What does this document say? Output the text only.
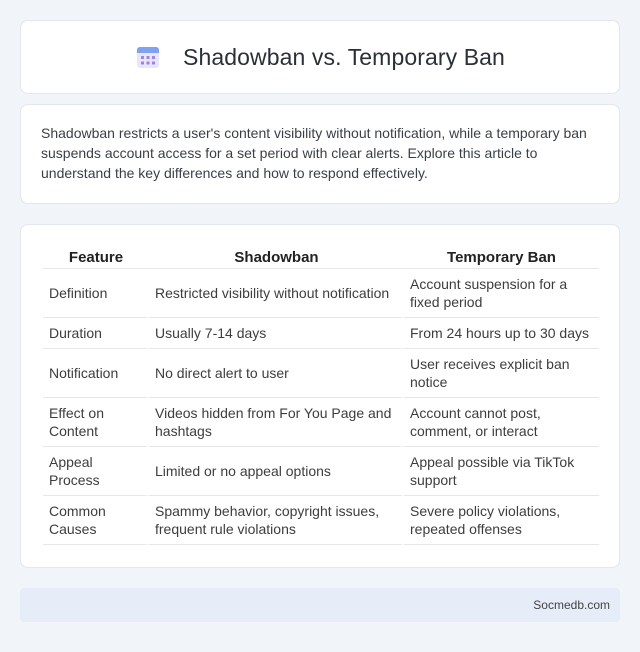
Shadowban vs. Temporary Ban

Shadowban restricts a user's content visibility without notification, while a temporary ban suspends account access for a set period with clear alerts. Explore this article to understand the key differences and how to respond effectively.

Feature	Shadowban	Temporary Ban
Definition	Restricted visibility without notification	Account suspension for a fixed period
Duration	Usually 7-14 days	From 24 hours up to 30 days
Notification	No direct alert to user	User receives explicit ban notice
Effect on Content	Videos hidden from For You Page and hashtags	Account cannot post, comment, or interact
Appeal Process	Limited or no appeal options	Appeal possible via TikTok support
Common Causes	Spammy behavior, copyright issues, frequent rule violations	Severe policy violations, repeated offenses
Socmedb.com
